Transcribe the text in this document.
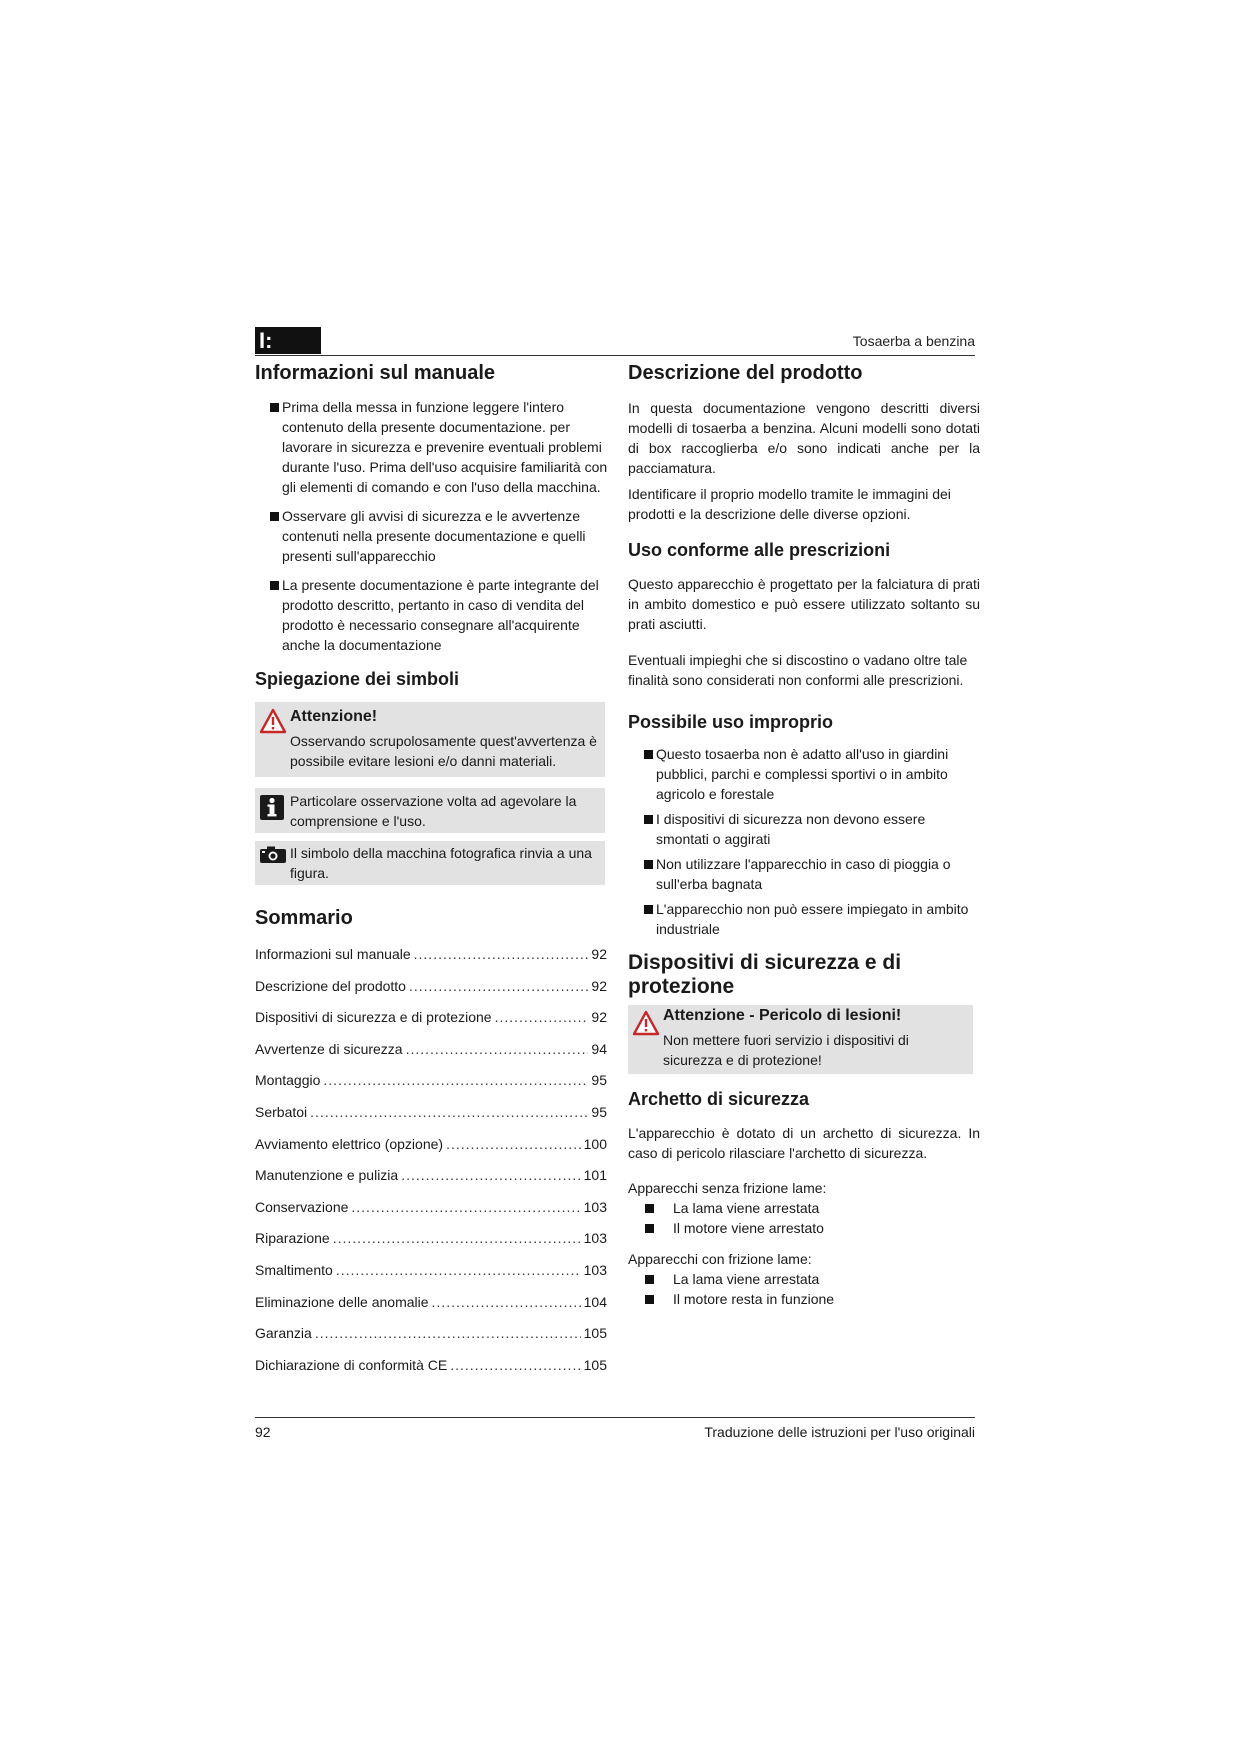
I:	Tosaerba a benzina
Informazioni sul manuale
Prima della messa in funzione leggere l'intero contenuto della presente documentazione. per lavorare in sicurezza e prevenire eventuali problemi durante l'uso. Prima dell'uso acquisire familiarità con gli elementi di comando e con l'uso della macchina.
Osservare gli avvisi di sicurezza e le avvertenze contenuti nella presente documentazione e quelli presenti sull'apparecchio
La presente documentazione è parte integrante del prodotto descritto, pertanto in caso di vendita del prodotto è necessario consegnare all'acquirente anche la documentazione
Spiegazione dei simboli
Attenzione!
Osservando scrupolosamente quest'avvertenza è possibile evitare lesioni e/o danni materiali.
Particolare osservazione volta ad agevolare la comprensione e l'uso.
Il simbolo della macchina fotografica rinvia a una figura.
Sommario
Informazioni sul manuale .....	92
Descrizione del prodotto .....	92
Dispositivi di sicurezza e di protezione .....	92
Avvertenze di sicurezza .....	94
Montaggio .....	95
Serbatoi .....	95
Avviamento elettrico (opzione) .....	100
Manutenzione e pulizia .....	101
Conservazione .....	103
Riparazione .....	103
Smaltimento .....	103
Eliminazione delle anomalie .....	104
Garanzia .....	105
Dichiarazione di conformità CE .....	105
Descrizione del prodotto

In questa documentazione vengono descritti diversi modelli di tosaerba a benzina. Alcuni modelli sono dotati di box raccoglierba e/o sono indicati anche per la pacciamatura.

Identificare il proprio modello tramite le immagini dei prodotti e la descrizione delle diverse opzioni.

Uso conforme alle prescrizioni

Questo apparecchio è progettato per la falciatura di prati in ambito domestico e può essere utilizzato soltanto su prati asciutti.

Eventuali impieghi che si discostino o vadano oltre tale finalità sono considerati non conformi alle prescrizioni.

Possibile uso improprio
Questo tosaerba non è adatto all'uso in giardini pubblici, parchi e complessi sportivi o in ambito agricolo e forestale
I dispositivi di sicurezza non devono essere smontati o aggirati
Non utilizzare l'apparecchio in caso di pioggia o sull'erba bagnata
L'apparecchio non può essere impiegato in ambito industriale
Dispositivi di sicurezza e di protezione
Attenzione - Pericolo di lesioni!
Non mettere fuori servizio i dispositivi di sicurezza e di protezione!
Archetto di sicurezza

L'apparecchio è dotato di un archetto di sicurezza. In caso di pericolo rilasciare l'archetto di sicurezza.

Apparecchi senza frizione lame:

La lama viene arrestata
Il motore viene arrestato

Apparecchi con frizione lame:

La lama viene arrestata
Il motore resta in funzione
92	Traduzione delle istruzioni per l'uso originali
